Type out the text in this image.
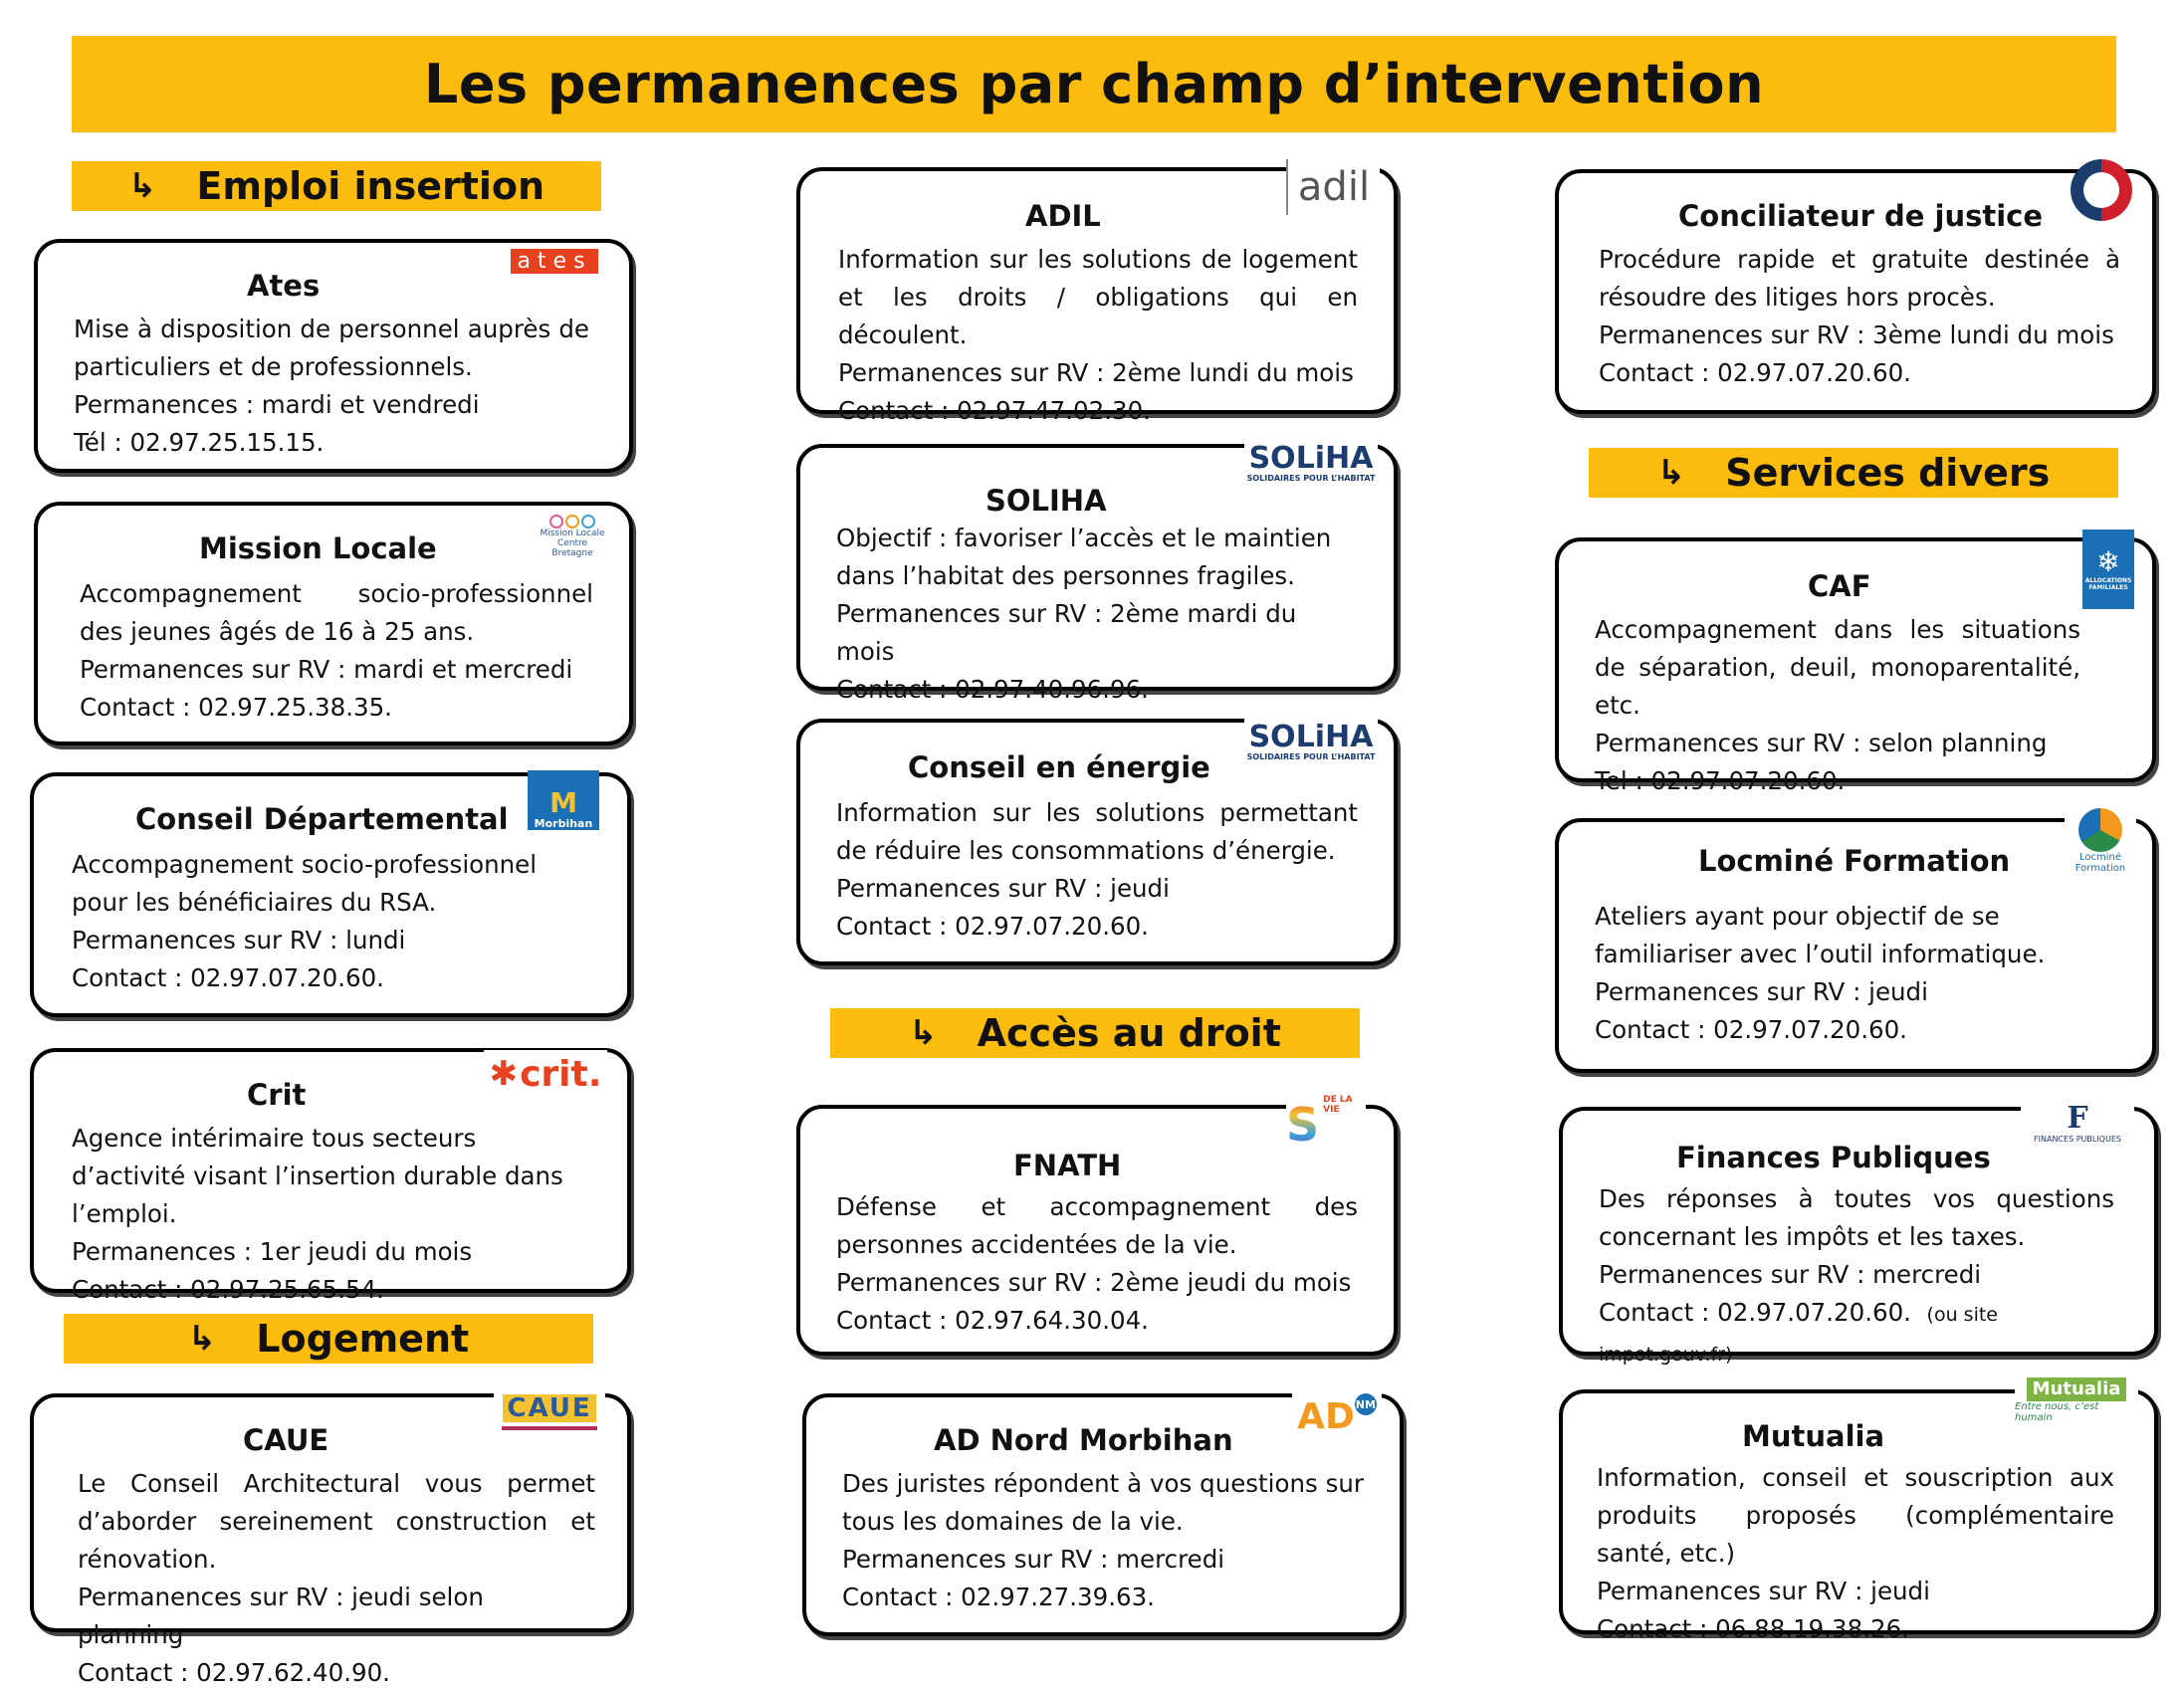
Les permanences par champ d’intervention
↳ Emploi insertion
↳ Logement
↳ Accès au droit
↳ Services divers
Ates
ates

Mise à disposition de personnel auprès de particuliers et de professionnels.

Permanences : mardi et vendredi

Tél : 02.97.25.15.15.

Mission Locale	Mission Locale Centre Bretagne

Accompagnement socio-professionnel des jeunes âgés de 16 à 25 ans.

Permanences sur RV : mardi et mercredi

Contact : 02.97.25.38.35.

Conseil Départemental M
Morbihan

Accompagnement socio-professionnel pour les bénéficiaires du RSA.

Permanences sur RV : lundi

Contact : 02.97.07.20.60.

Crit
✱ crit.

Agence intérimaire tous secteurs d’activité visant l’insertion durable dans l’emploi.

Permanences : 1er jeudi du mois

Contact : 02.97.25.65.54.

CAUE
CAUE

Le Conseil Architectural vous permet d’aborder sereinement construction et rénovation.

Permanences sur RV : jeudi selon planning

Contact : 02.97.62.40.90.

ADIL
adil

Information sur les solutions de logement et les droits / obligations qui en découlent.

Permanences sur RV : 2ème lundi du mois

Contact : 02.97.47.02.30.

SOLIHA
SOLiHA
SOLIDAIRES POUR L’HABITAT

Objectif : favoriser l’accès et le maintien dans l’habitat des personnes fragiles.

Permanences sur RV : 2ème mardi du mois

Contact : 02.97.40.96.96.

Conseil en énergie
SOLiHA
SOLIDAIRES POUR L’HABITAT

Information sur les solutions permettant de réduire les consommations d’énergie.

Permanences sur RV : jeudi

Contact : 02.97.07.20.60.

FNATH
S DE LA VIE

Défense et accompagnement des personnes accidentées de la vie.

Permanences sur RV : 2ème jeudi du mois

Contact : 02.97.64.30.04.

AD Nord Morbihan
AD NM

Des juristes répondent à vos questions sur tous les domaines de la vie.

Permanences sur RV : mercredi

Contact : 02.97.27.39.63.

Conciliateur de justice

Procédure rapide et gratuite destinée à résoudre des litiges hors procès.

Permanences sur RV : 3ème lundi du mois

Contact : 02.97.07.20.60.

CAF
❄
ALLOCATIONS FAMILIALES

Accompagnement dans les situations de séparation, deuil, monoparentalité, etc.

Permanences sur RV : selon planning

Tel : 02.97.07.20.60.

Locminé Formation	Locminé Formation

Ateliers ayant pour objectif de se familiariser avec l’outil informatique.

Permanences sur RV : jeudi

Contact : 02.97.07.20.60.

Finances Publiques
F
FINANCES PUBLIQUES

Des réponses à toutes vos questions concernant les impôts et les taxes.

Permanences sur RV : mercredi

Contact : 02.97.07.20.60. (ou site impot.gouv.fr)

Mutualia
Mutualia
Entre nous, c’est humain

Information, conseil et souscription aux produits proposés (complémentaire santé, etc.)

Permanences sur RV : jeudi

Contact : 06.88.19.38.26.
